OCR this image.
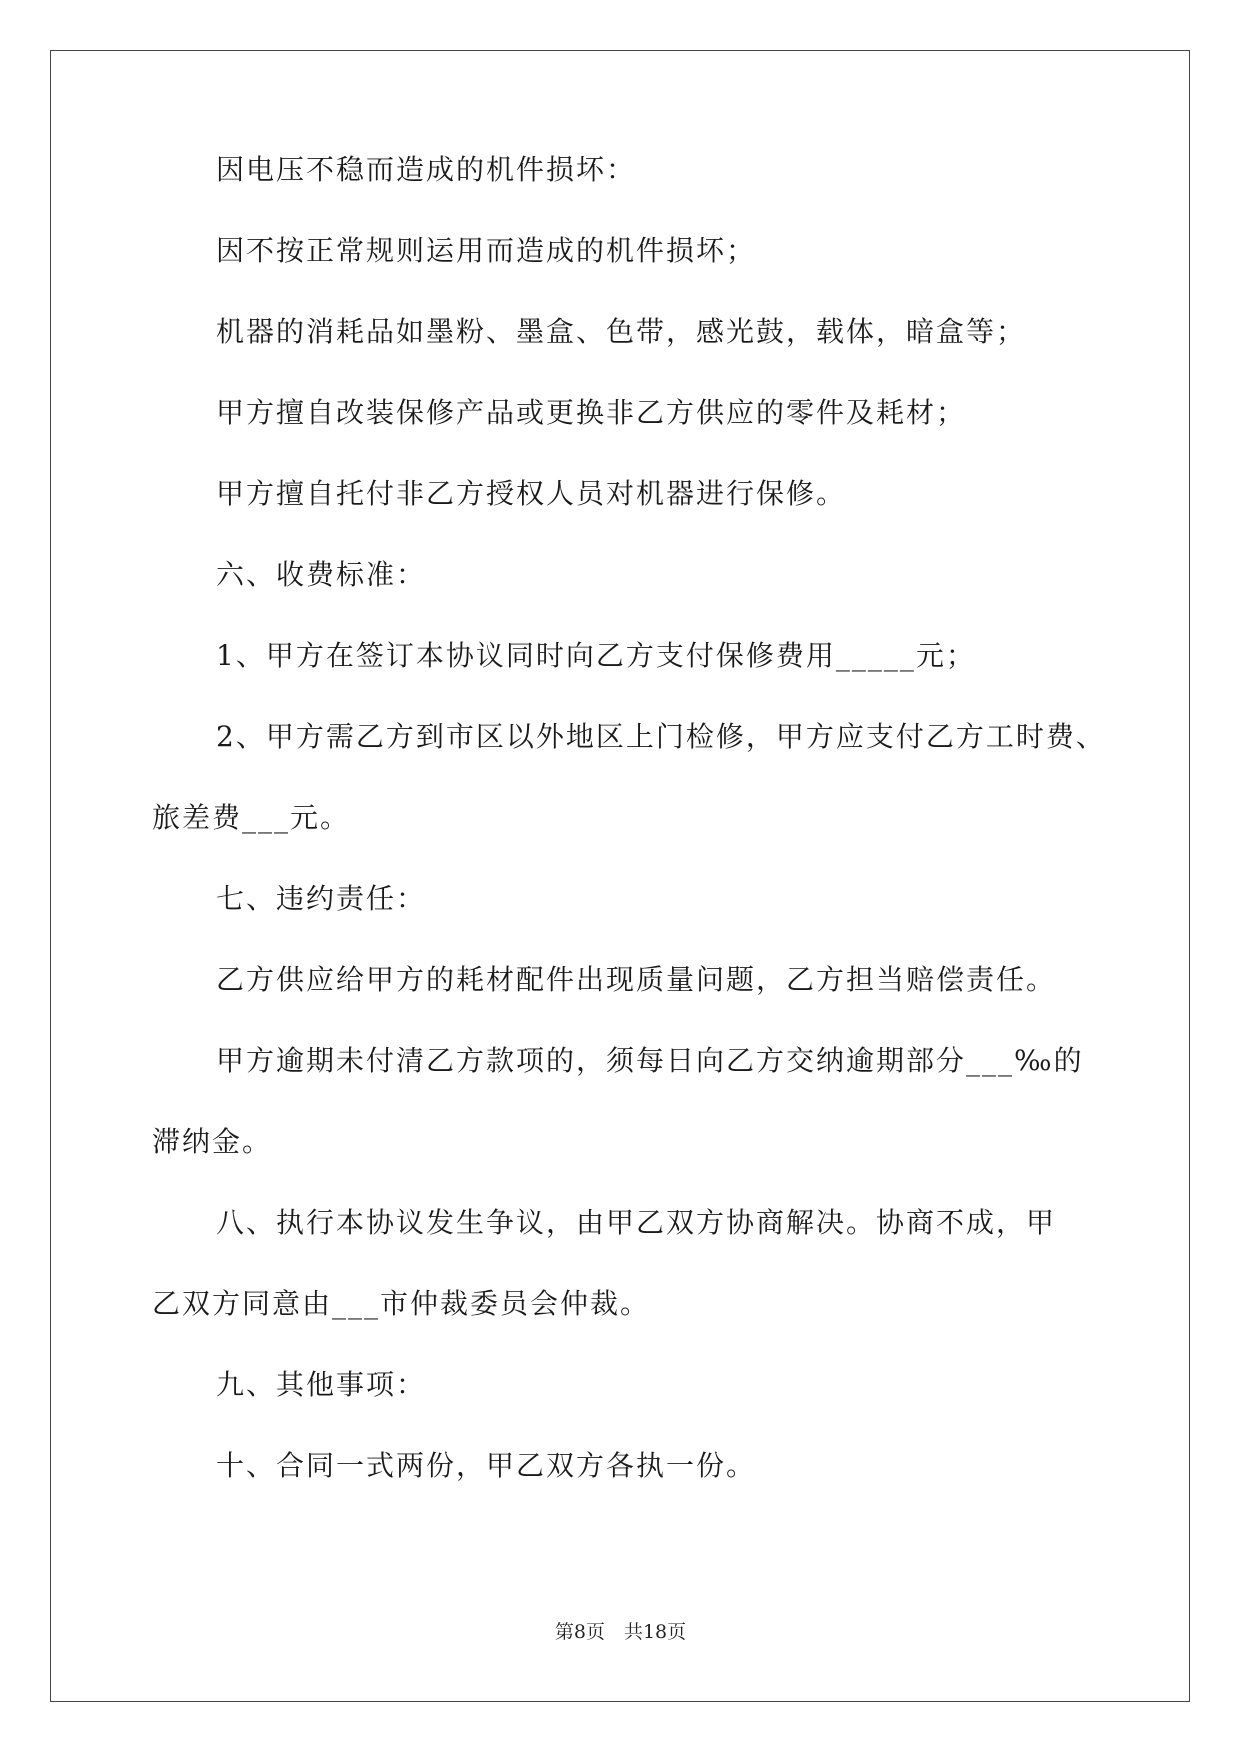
因电压不稳而造成的机件损坏：
因不按正常规则运用而造成的机件损坏；
机器的消耗品如墨粉、墨盒、色带，感光鼓，载体，暗盒等；
甲方擅自改装保修产品或更换非乙方供应的零件及耗材；
甲方擅自托付非乙方授权人员对机器进行保修。
六、收费标准：
1、甲方在签订本协议同时向乙方支付保修费用_____元；
2、甲方需乙方到市区以外地区上门检修，甲方应支付乙方工时费、
旅差费___元。
七、违约责任：
乙方供应给甲方的耗材配件出现质量问题，乙方担当赔偿责任。
甲方逾期未付清乙方款项的，须每日向乙方交纳逾期部分___‰的
滞纳金。
八、执行本协议发生争议，由甲乙双方协商解决。协商不成，甲
乙双方同意由___市仲裁委员会仲裁。
九、其他事项：
十、合同一式两份，甲乙双方各执一份。
第8页　共18页
